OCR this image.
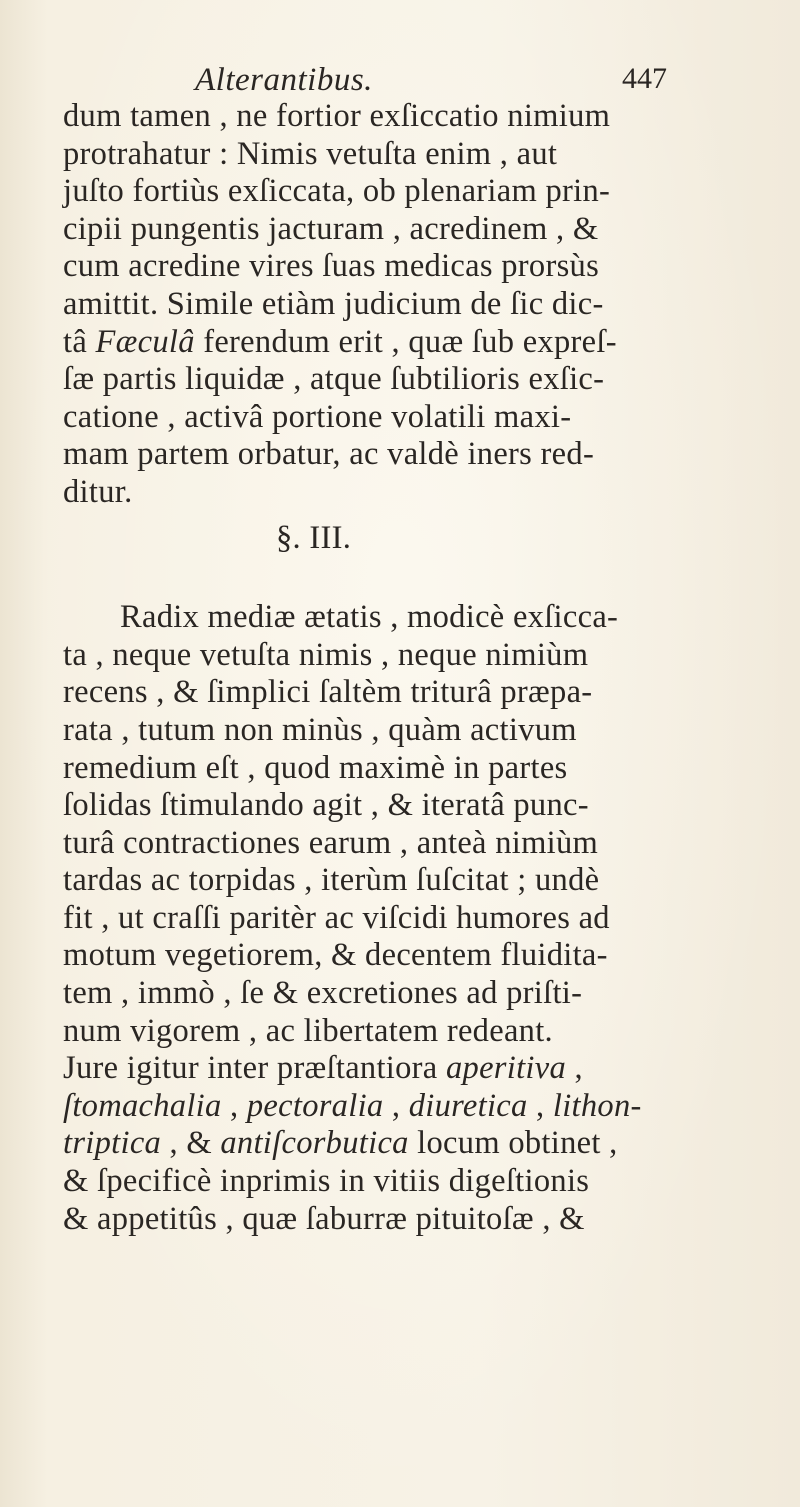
Alterantibus.	447
dum tamen , ne fortior exſiccatio nimium
protrahatur : Nimis vetuſta enim , aut
juſto fortiùs exſiccata, ob plenariam prin-
cipii pungentis jacturam , acredinem , &
cum acredine vires ſuas medicas prorsùs
amittit. Simile etiàm judicium de ſic dic-
tâ Fæculâ ferendum erit , quæ ſub expreſ-
ſæ partis liquidæ , atque ſubtilioris exſic-
catione , activâ portione volatili maxi-
mam partem orbatur, ac valdè iners red-
ditur.
§. III.
Radix mediæ ætatis , modicè exſicca-
ta , neque vetuſta nimis , neque nimiùm
recens , & ſimplici ſaltèm triturâ præpa-
rata , tutum non minùs , quàm activum
remedium eſt , quod maximè in partes
ſolidas ſtimulando agit , & iteratâ punc-
turâ contractiones earum , anteà nimiùm
tardas ac torpidas , iterùm ſuſcitat ; undè
fit , ut craſſi paritèr ac viſcidi humores ad
motum vegetiorem, & decentem fluidita-
tem , immò , ſe & excretiones ad priſti-
num vigorem , ac libertatem redeant.
Jure igitur inter præſtantiora aperitiva ,
ſtomachalia , pectoralia , diuretica , lithon-
triptica , & antiſcorbutica locum obtinet ,
& ſpecificè inprimis in vitiis digeſtionis
& appetitûs , quæ ſaburræ pituitoſæ , &
